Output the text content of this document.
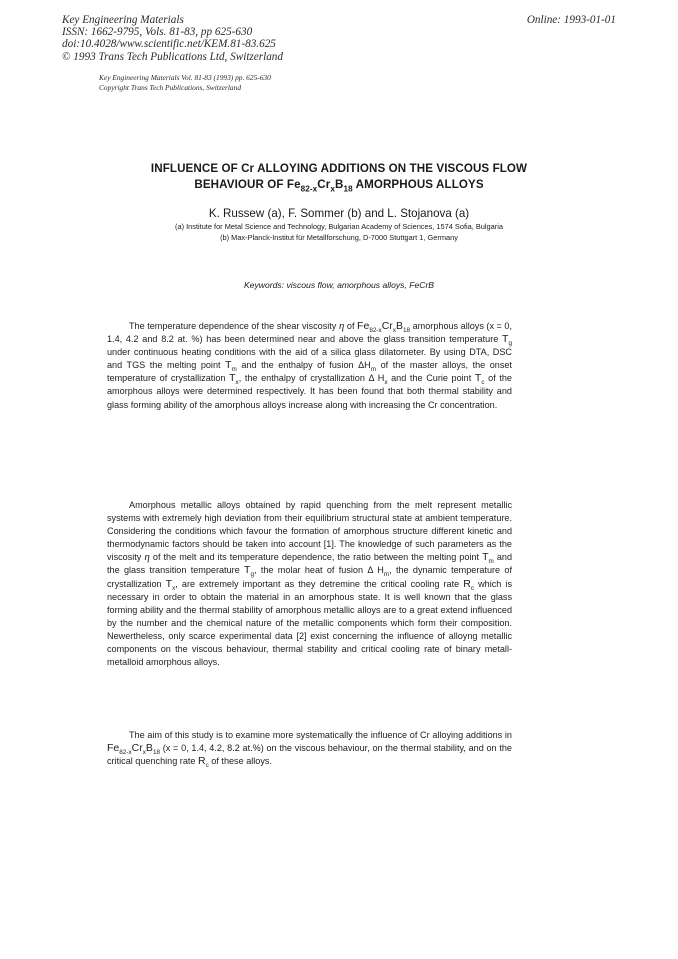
Key Engineering Materials
ISSN: 1662-9795, Vols. 81-83, pp 625-630
doi:10.4028/www.scientific.net/KEM.81-83.625
© 1993 Trans Tech Publications Ltd, Switzerland
Online: 1993-01-01
Key Engineering Materials Vol. 81-83 (1993) pp. 625-630
Copyright Trans Tech Publications, Switzerland
INFLUENCE OF Cr ALLOYING ADDITIONS ON THE VISCOUS FLOW
BEHAVIOUR OF $Fe_{82-x}Cr_xB_{18}$ AMORPHOUS ALLOYS
K. Russew (a), F. Sommer (b) and L. Stojanova (a)
(a) Institute for Metal Science and Technology, Bulgarian Academy of Sciences, 1574 Sofia, Bulgaria
(b) Max-Planck-Institut für Metallforschung, D-7000 Stuttgart 1, Germany
Keywords: viscous flow, amorphous alloys, FeCrB
The temperature dependence of the shear viscosity η of $Fe_{82-x}Cr_xB_{18}$ amorphous alloys (x = 0, 1.4, 4.2 and 8.2 at. %) has been determined near and above the glass transition temperature $T_g$ under continuous heating conditions with the aid of a silica glass dilatometer. By using DTA, DSC and TGS the melting point $T_m$ and the enthalpy of fusion $\Delta H_m$ of the master alloys, the onset temperature of crystallization $T_x$, the enthalpy of crystallization Δ $H_x$ and the Curie point $T_c$ of the amorphous alloys were determined respectively. It has been found that both thermal stability and glass forming ability of the amorphous alloys increase along with increasing the Cr concentration.
Amorphous metallic alloys obtained by rapid quenching from the melt represent metallic systems with extremely high deviation from their equilibrium structural state at ambient temperature. Considering the conditions which favour the formation of amorphous structure different kinetic and thermodynamic factors should be taken into account [1]. The knowledge of such parameters as the viscosity η of the melt and its temperature dependence, the ratio between the melting point $T_m$ and the glass transition temperature $T_g$, the molar heat of fusion Δ $H_m$, the dynamic temperature of crystallization $T_x$, are extremely important as they detremine the critical cooling rate $R_c$ which is necessary in order to obtain the material in an amorphous state. It is well known that the glass forming ability and the thermal stability of amorphous metallic alloys are to a great extend influenced by the number and the chemical nature of the metallic components which form their composition. Newertheless, only scarce experimental data [2] exist concerning the influence of alloyng metallic components on the viscous behaviour, thermal stability and critical cooling rate of binary metall-metalloid amorphous alloys.
The aim of this study is to examine more systematically the influence of Cr alloying additions in $Fe_{82-x}Cr_xB_{18}$ (x = 0, 1.4, 4.2, 8.2 at.%) on the viscous behaviour, on the thermal stability, and on the critical quenching rate $R_c$ of these alloys.
